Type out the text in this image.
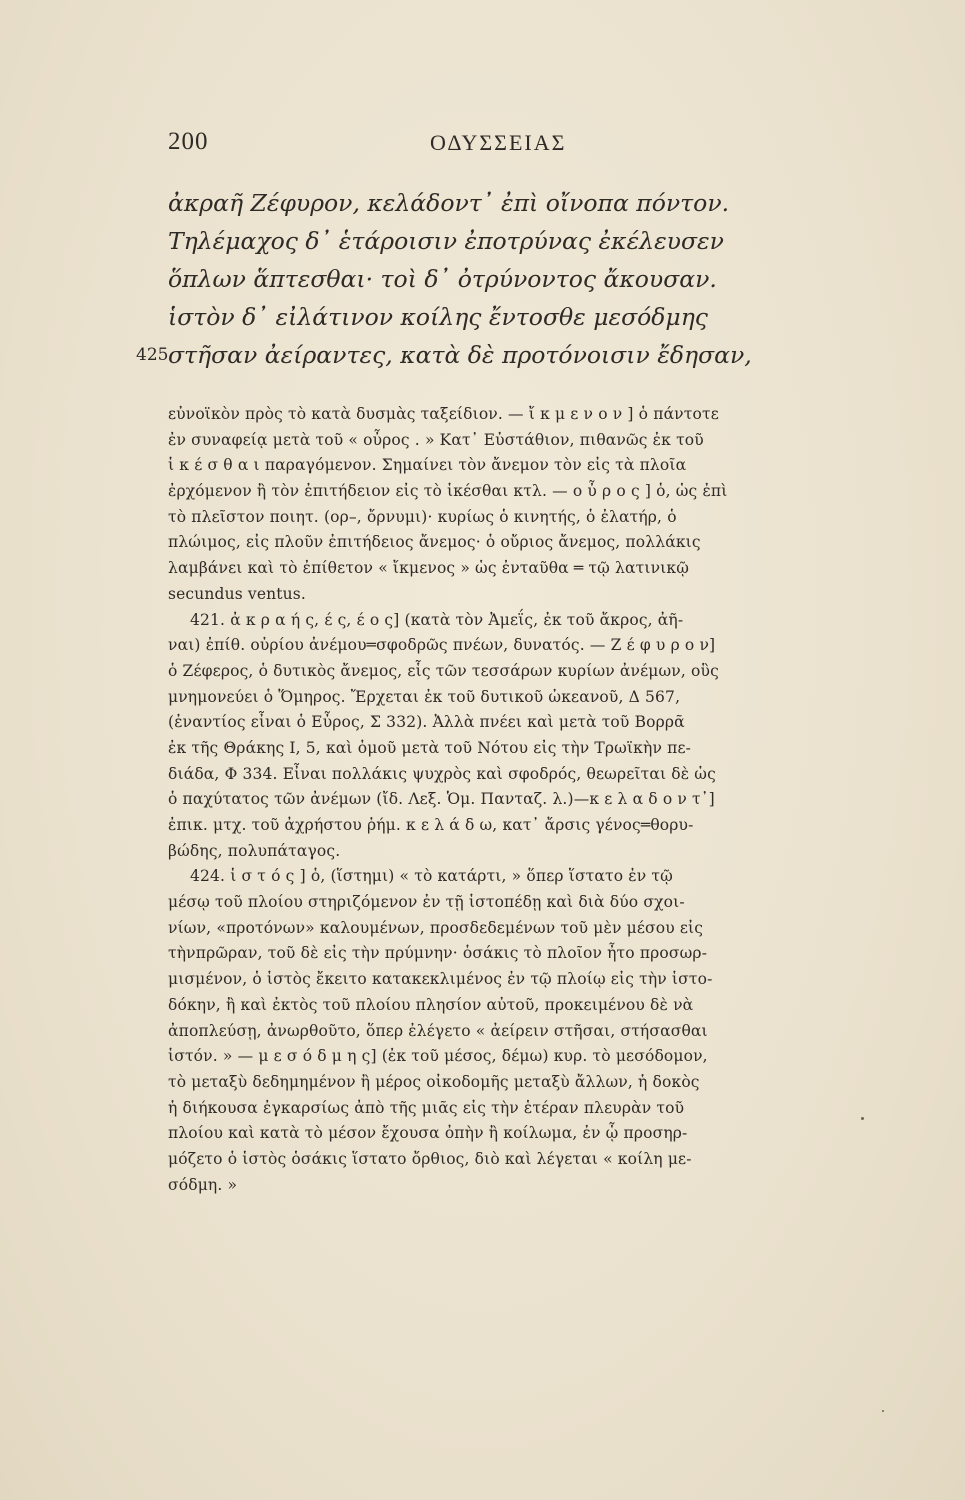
200	ΟΔΥΣΣΕΙΑΣ
ἀκραῆ Ζέφυρον, κελάδοντ᾽ ἐπὶ οἴνοπα πόντον.
Τηλέμαχος δ᾽ ἑτάροισιν ἐποτρύνας ἐκέλευσεν
ὅπλων ἅπτεσθαι· τοὶ δ᾽ ὀτρύνοντος ἄκουσαν.
ἱστὸν δ᾽ εἰλάτινον κοίλης ἔντοσθε μεσόδμης
425 στῆσαν ἀείραντες, κατὰ δὲ προτόνοισιν ἔδησαν,
εὐνοϊκὸν πρὸς τὸ κατὰ δυσμὰς ταξείδιον. — ἴ κ μ ε ν ο ν ] ὁ πάντοτε
ἐν συναφείᾳ μετὰ τοῦ « οὖρος . » Κατ᾽ Εὐστάθιον, πιθανῶς ἐκ τοῦ
ἱ κ έ σ θ α ι παραγόμενον. Σημαίνει τὸν ἄνεμον τὸν εἰς τὰ πλοῖα
ἐρχόμενον ἢ τὸν ἐπιτήδειον εἰς τὸ ἱκέσθαι κτλ. — ο ὖ ρ ο ς ] ὁ, ὡς ἐπὶ
τὸ πλεῖστον ποιητ. (ορ–, ὄρνυμι)· κυρίως ὁ κινητής, ὁ ἐλατήρ, ὁ
πλώιμος, εἰς πλοῦν ἐπιτήδειος ἄνεμος· ὁ οὔριος ἄνεμος, πολλάκις
λαμβάνει καὶ τὸ ἐπίθετον « ἴκμενος » ὡς ἐνταῦθα ═ τῷ λατινικῷ
secundus ventus.
421. ἀ κ ρ α ή ς, έ ς, έ ο ς] (κατὰ τὸν Ἀμεΐς, ἐκ τοῦ ἄκρος, ἀῆ-
ναι) ἐπίθ. οὐρίου ἀνέμου═σφοδρῶς πνέων, δυνατός. — Ζ έ φ υ ρ ο ν]
ὁ Ζέφερος, ὁ δυτικὸς ἄνεμος, εἷς τῶν τεσσάρων κυρίων ἀνέμων, οὓς
μνημονεύει ὁ Ὅμηρος. Ἔρχεται ἐκ τοῦ δυτικοῦ ὠκεανοῦ, Δ 567,
(ἐναντίος εἶναι ὁ Εὖρος, Σ 332). Ἀλλὰ πνέει καὶ μετὰ τοῦ Βορρᾶ
ἐκ τῆς Θράκης Ι, 5, καὶ ὁμοῦ μετὰ τοῦ Νότου εἰς τὴν Τρωϊκὴν πε-
διάδα, Φ 334. Εἶναι πολλάκις ψυχρὸς καὶ σφοδρός, θεωρεῖται δὲ ὡς
ὁ παχύτατος τῶν ἀνέμων (ἴδ. Λεξ. Ὁμ. Πανταζ. λ.)—κ ε λ α δ ο ν τ᾽]
ἐπικ. μτχ. τοῦ ἀχρήστου ῥήμ. κ ε λ ά δ ω, κατ᾽ ἄρσις γένος═θορυ-
βώδης, πολυπάταγος.
424. ἱ σ τ ό ς ] ὁ, (ἵστημι) « τὸ κατάρτι, » ὅπερ ἵστατο ἐν τῷ
μέσῳ τοῦ πλοίου στηριζόμενον ἐν τῇ ἱστοπέδῃ καὶ διὰ δύο σχοι-
νίων, «προτόνων» καλουμένων, προσδεδεμένων τοῦ μὲν μέσου εἰς
τὴνπρῶραν, τοῦ δὲ εἰς τὴν πρύμνην· ὁσάκις τὸ πλοῖον ἦτο προσωρ-
μισμένον, ὁ ἱστὸς ἔκειτο κατακεκλιμένος ἐν τῷ πλοίῳ εἰς τὴν ἱστο-
δόκην, ἢ καὶ ἐκτὸς τοῦ πλοίου πλησίον αὐτοῦ, προκειμένου δὲ νὰ
ἀποπλεύσῃ, ἀνωρθοῦτο, ὅπερ ἐλέγετο « ἀείρειν στῆσαι, στήσασθαι
ἱστόν. » — μ ε σ ό δ μ η ς] (ἐκ τοῦ μέσος, δέμω) κυρ. τὸ μεσόδομον,
τὸ μεταξὺ δεδημημένον ἢ μέρος οἰκοδομῆς μεταξὺ ἄλλων, ἡ δοκὸς
ἡ διήκουσα ἐγκαρσίως ἀπὸ τῆς μιᾶς εἰς τὴν ἑτέραν πλευρὰν τοῦ
πλοίου καὶ κατὰ τὸ μέσον ἔχουσα ὀπὴν ἢ κοίλωμα, ἐν ᾧ προσηρ-
μόζετο ὁ ἱστὸς ὁσάκις ἵστατο ὄρθιος, διὸ καὶ λέγεται « κοίλη με-
σόδμη. »
